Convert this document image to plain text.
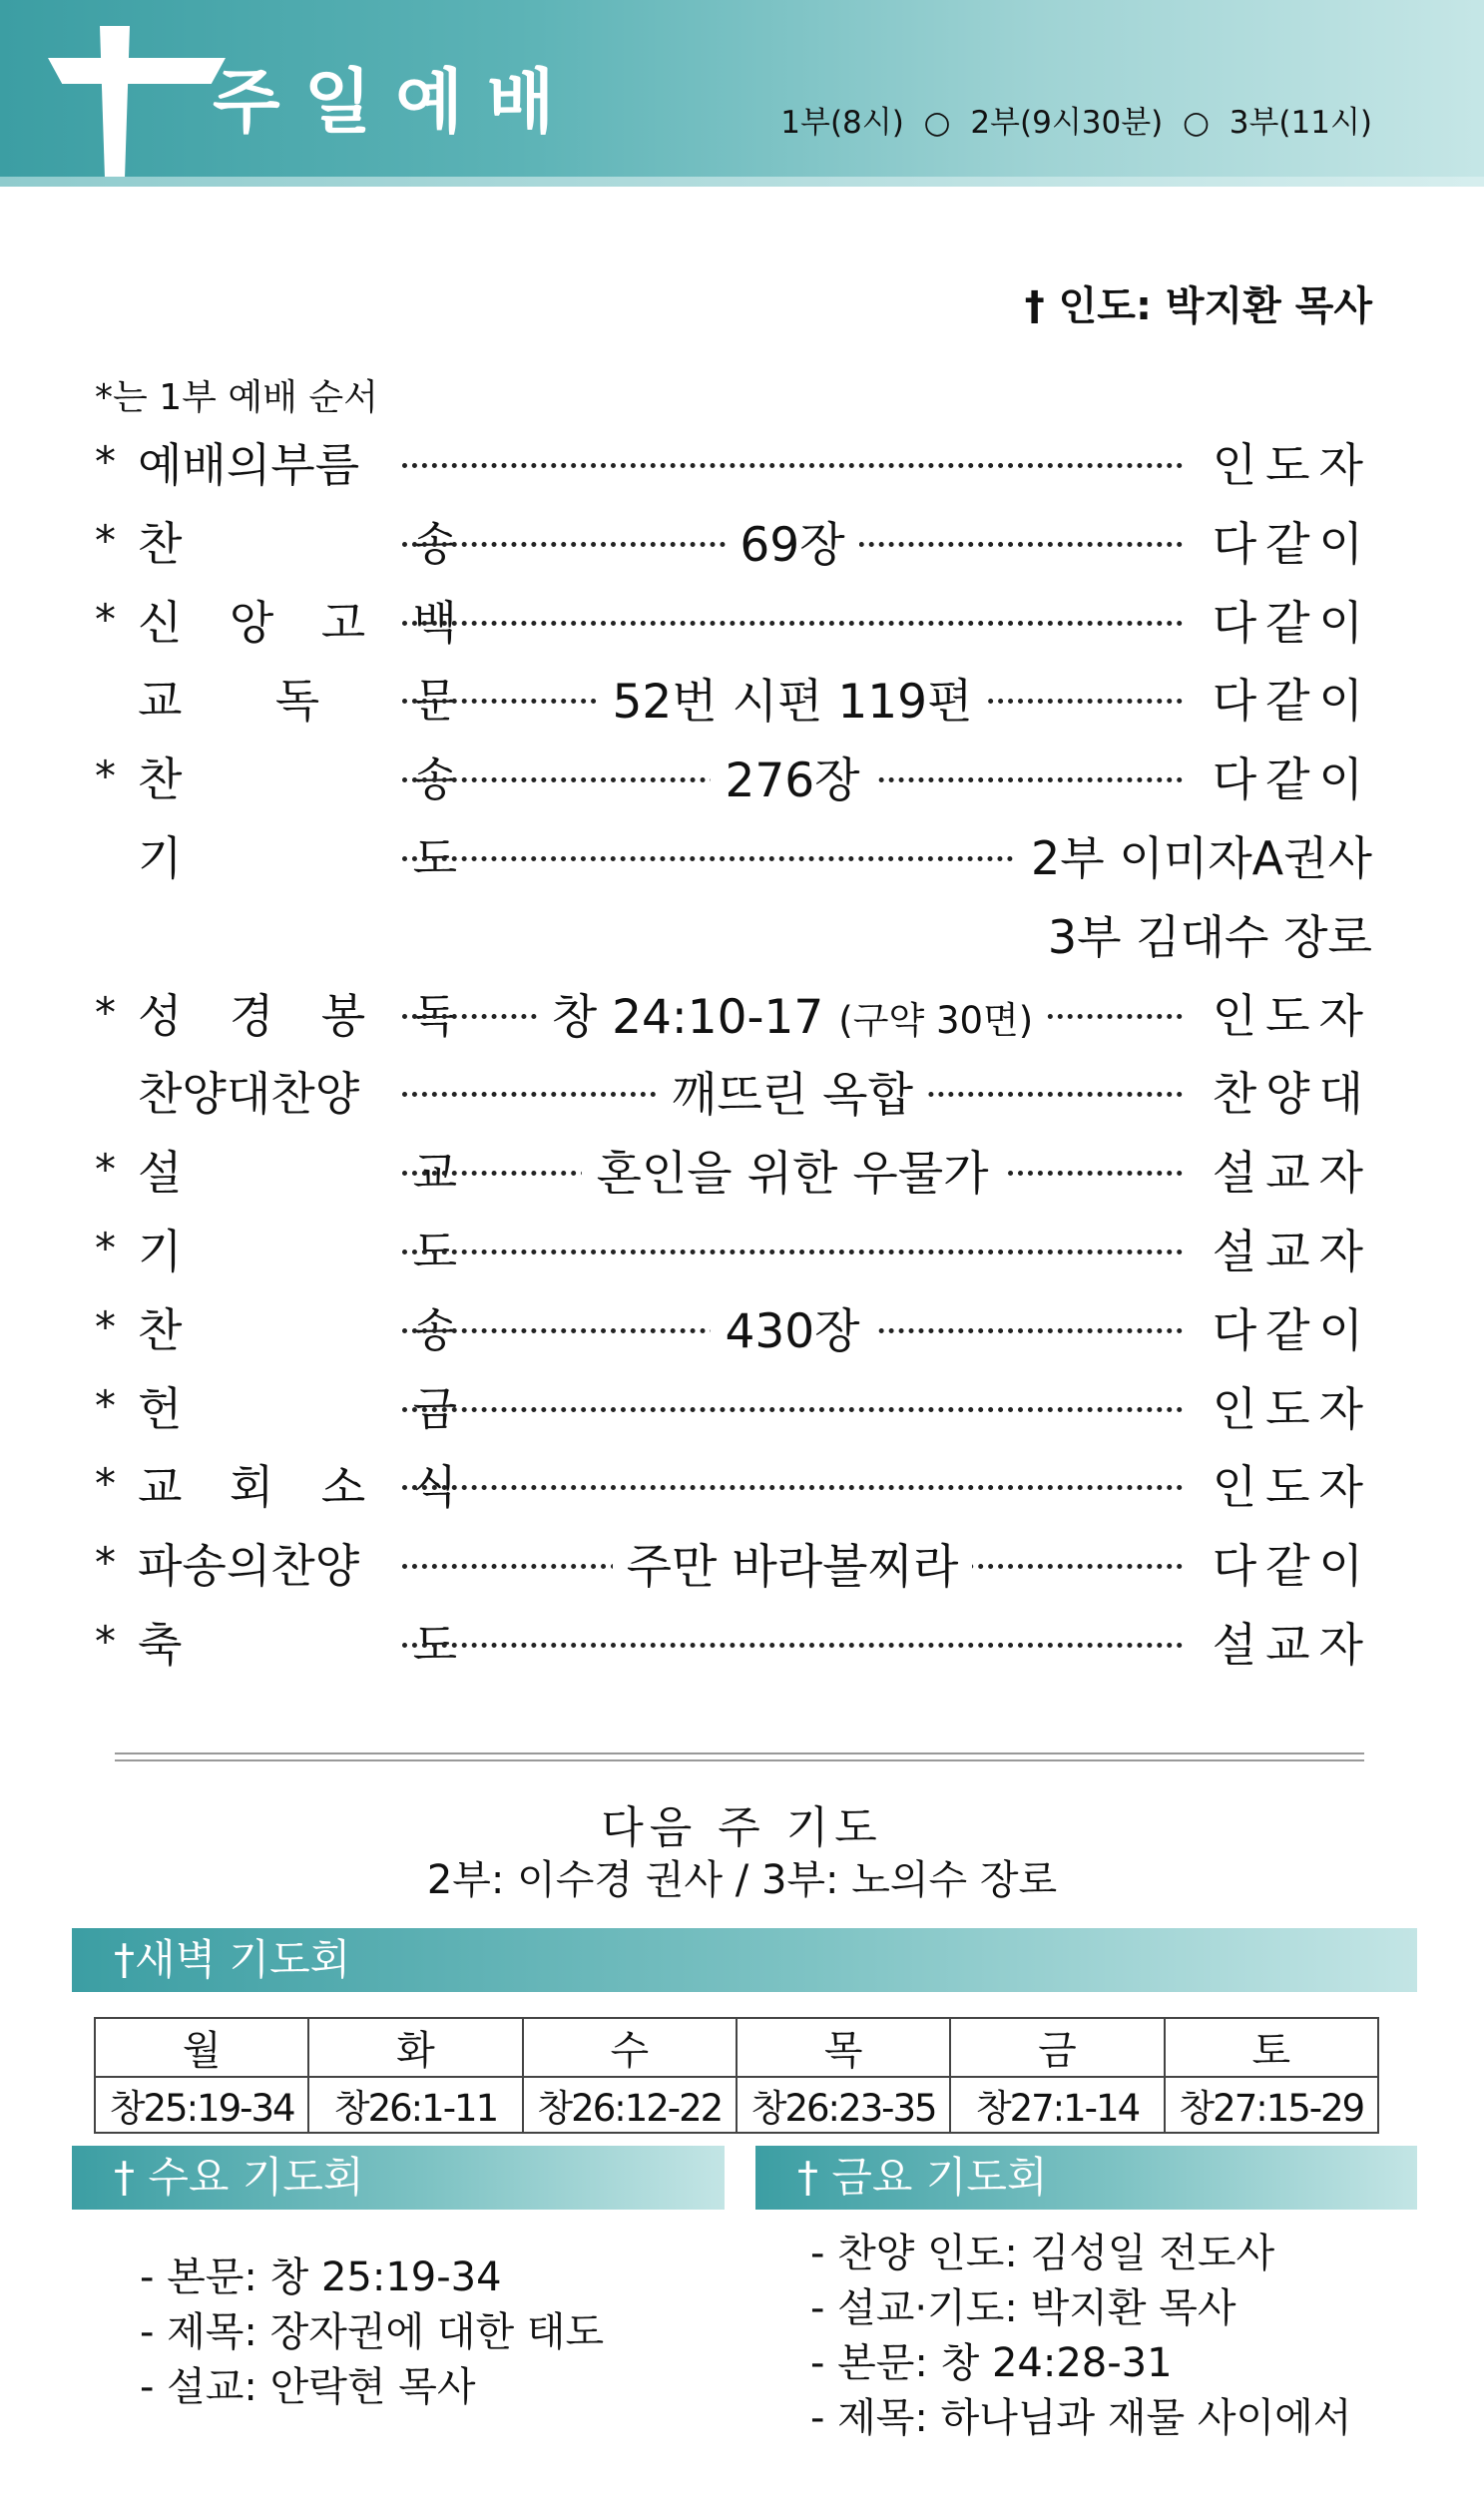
주일예배	1부(8시) ○ 2부(9시30분) ○ 3부(11시)
† 인도: 박지환 목사
*는 1부 예배 순서
* 예배의부름	인도자
* 찬	송	69장	다같이
* 신 앙 고 백	다같이
교 독 문	52번 시편 119편	다같이
* 찬	송	276장	다같이
기	도	2부 이미자A권사
3부 김대수 장로
* 성 경 봉 독	창 24:10-17 (구약 30면)	인도자
찬양대찬양	깨뜨린 옥합	찬양대
* 설	교	혼인을 위한 우물가	설교자
* 기	도	설교자
* 찬	송	430장	다같이
* 헌	금	인도자
* 교 회 소 식	인도자
* 파송의찬양	주만 바라볼찌라	다같이
* 축	도	설교자
다음 주 기도
2부: 이수경 권사 / 3부: 노의수 장로
†새벽 기도회
월	화	수	목	금	토
창25:19-34	창26:1-11	창26:12-22	창26:23-35	창27:1-14	창27:15-29
† 수요 기도회	† 금요 기도회
- 본문: 창 25:19-34
- 제목: 장자권에 대한 태도
- 설교: 안락현 목사
- 찬양 인도: 김성일 전도사
- 설교·기도: 박지환 목사
- 본문: 창 24:28-31
- 제목: 하나님과 재물 사이에서
